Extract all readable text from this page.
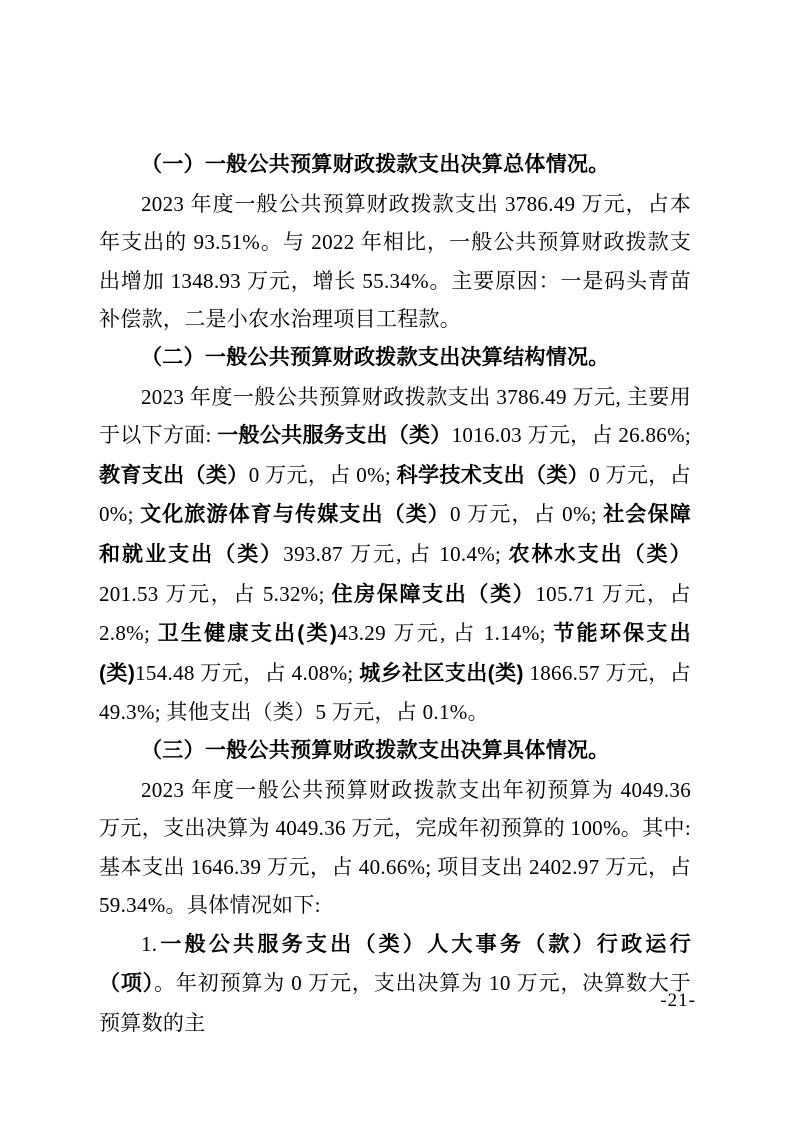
（一）一般公共预算财政拨款支出决算总体情况。

2023 年度一般公共预算财政拨款支出 3786.49 万元，占本年支出的 93.51%。与 2022 年相比，一般公共预算财政拨款支出增加 1348.93 万元，增长 55.34%。主要原因：一是码头青苗补偿款，二是小农水治理项目工程款。

（二）一般公共预算财政拨款支出决算结构情况。

2023 年度一般公共预算财政拨款支出 3786.49 万元, 主要用于以下方面: 一般公共服务支出（类）1016.03 万元，占 26.86%; 教育支出（类）0 万元，占 0%; 科学技术支出（类）0 万元，占 0%; 文化旅游体育与传媒支出（类）0 万元，占 0%; 社会保障和就业支出（类）393.87 万元, 占 10.4%; 农林水支出（类）201.53 万元，占 5.32%; 住房保障支出（类）105.71 万元，占 2.8%; 卫生健康支出(类)43.29 万元, 占 1.14%; 节能环保支出(类)154.48 万元，占 4.08%; 城乡社区支出(类) 1866.57 万元，占 49.3%; 其他支出（类）5 万元，占 0.1%。

（三）一般公共预算财政拨款支出决算具体情况。

2023 年度一般公共预算财政拨款支出年初预算为 4049.36 万元，支出决算为 4049.36 万元，完成年初预算的 100%。其中:基本支出 1646.39 万元，占 40.66%; 项目支出 2402.97 万元，占 59.34%。具体情况如下:

1.一般公共服务支出（类）人大事务（款）行政运行（项）。年初预算为 0 万元，支出决算为 10 万元，决算数大于预算数的主

-21-
